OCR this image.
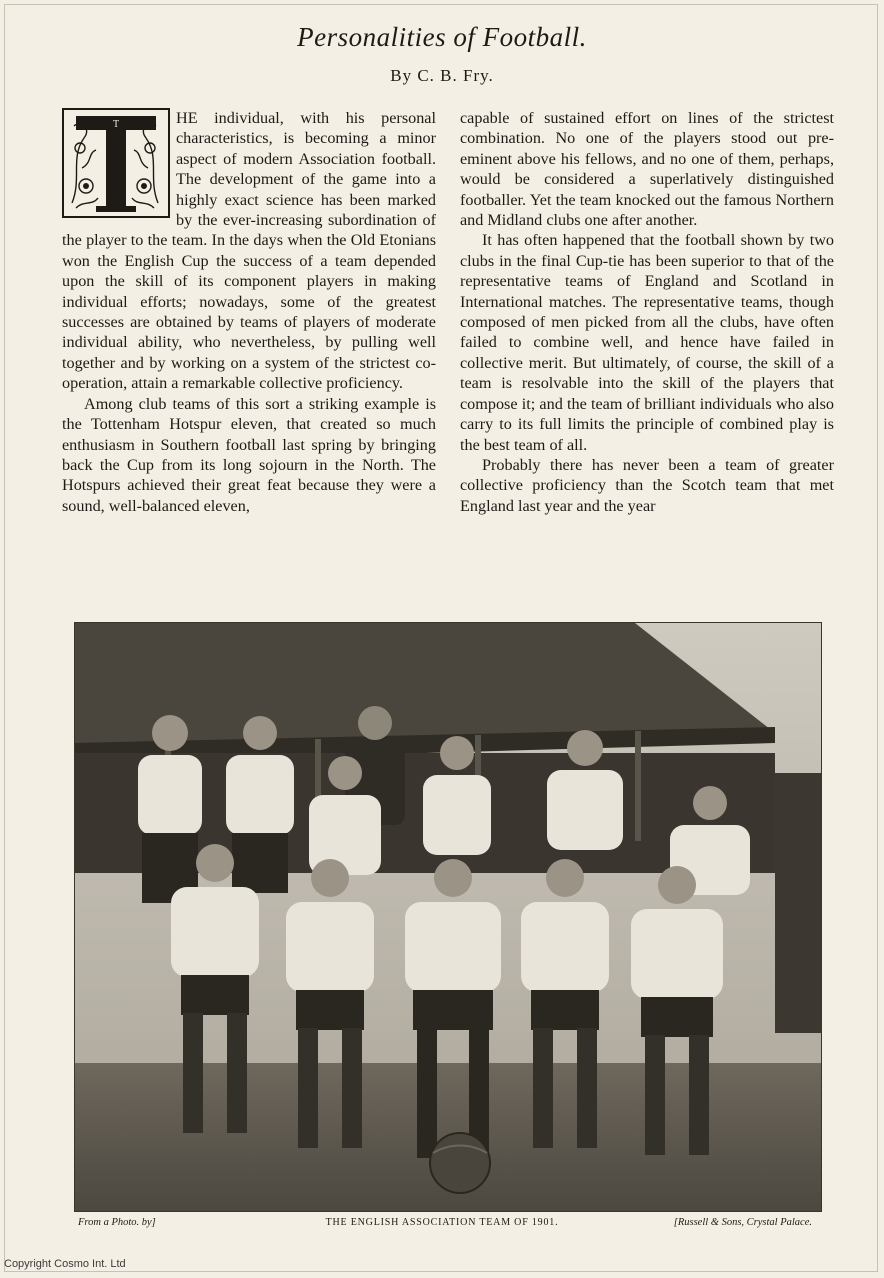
Personalities of Football.
By C. B. Fry.
T	HE individual, with his personal characteristics, is becoming a minor aspect of modern Association football. The development of the game into a highly exact science has been marked by the ever-increasing subordination of the player to the team. In the days when the Old Etonians won the English Cup the success of a team depended upon the skill of its component players in making individual efforts; nowadays, some of the greatest successes are obtained by teams of players of moderate individual ability, who nevertheless, by pulling well together and by working on a system of the strictest co-operation, attain a remarkable collective proficiency.

Among club teams of this sort a striking example is the Tottenham Hotspur eleven, that created so much enthusiasm in Southern football last spring by bringing back the Cup from its long sojourn in the North. The Hotspurs achieved their great feat because they were a sound, well-balanced eleven,

capable of sustained effort on lines of the strictest combination. No one of the players stood out pre-eminent above his fellows, and no one of them, perhaps, would be considered a superlatively distinguished footballer. Yet the team knocked out the famous Northern and Midland clubs one after another.

It has often happened that the football shown by two clubs in the final Cup-tie has been superior to that of the representative teams of England and Scotland in International matches. The representative teams, though composed of men picked from all the clubs, have often failed to combine well, and hence have failed in collective merit. But ultimately, of course, the skill of a team is resolvable into the skill of the players that compose it; and the team of brilliant individuals who also carry to its full limits the principle of combined play is the best team of all.

Probably there has never been a team of greater collective proficiency than the Scotch team that met England last year and the year

From a Photo. by]	THE ENGLISH ASSOCIATION TEAM OF 1901.	[Russell & Sons, Crystal Palace.
Copyright Cosmo Int. Ltd
